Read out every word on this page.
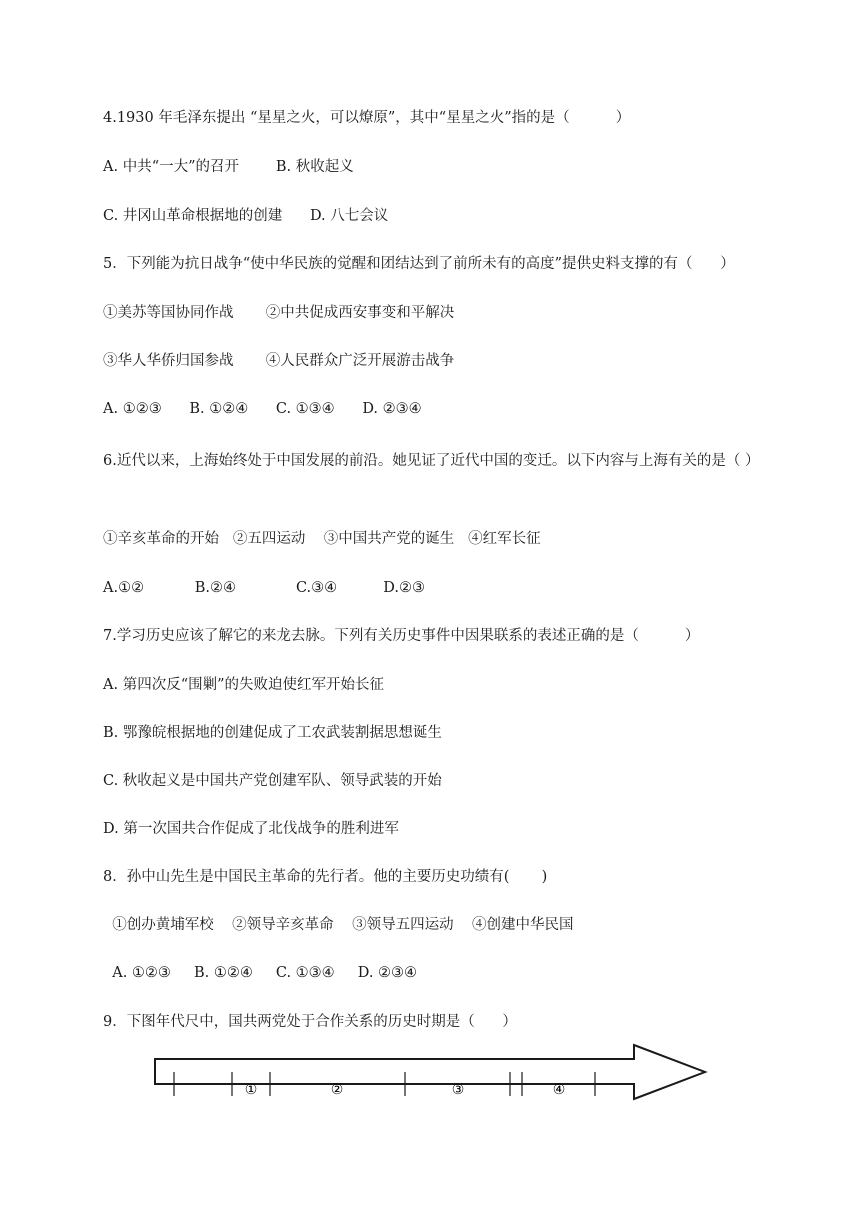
4.1930 年毛泽东提出 “星星之火，可以燎原”，其中“星星之火”指的是（          ）
A. 中共“一大”的召开        B. 秋收起义
C. 井冈山革命根据地的创建      D. 八七会议
5．下列能为抗日战争“使中华民族的觉醒和团结达到了前所未有的高度”提供史料支撑的有（      ）
①美苏等国协同作战       ②中共促成西安事变和平解决
③华人华侨归国参战       ④人民群众广泛开展游击战争
A. ①②③      B. ①②④      C. ①③④      D. ②③④
6.近代以来，上海始终处于中国发展的前沿。她见证了近代中国的变迁。以下内容与上海有关的是（ ）
①辛亥革命的开始   ②五四运动    ③中国共产党的诞生   ④红军长征
A.①②           B.②④             C.③④          D.②③
7.学习历史应该了解它的来龙去脉。下列有关历史事件中因果联系的表述正确的是（          ）
A. 第四次反“围剿”的失败迫使红军开始长征
B. 鄂豫皖根据地的创建促成了工农武装割据思想诞生
C. 秋收起义是中国共产党创建军队、领导武装的开始
D. 第一次国共合作促成了北伐战争的胜利进军
8．孙中山先生是中国民主革命的先行者。他的主要历史功绩有(       )
①创办黄埔军校    ②领导辛亥革命    ③领导五四运动    ④创建中华民国
A. ①②③     B. ①②④     C. ①③④     D. ②③④
9．下图年代尺中，国共两党处于合作关系的历史时期是（      ）
①	②	③	④
